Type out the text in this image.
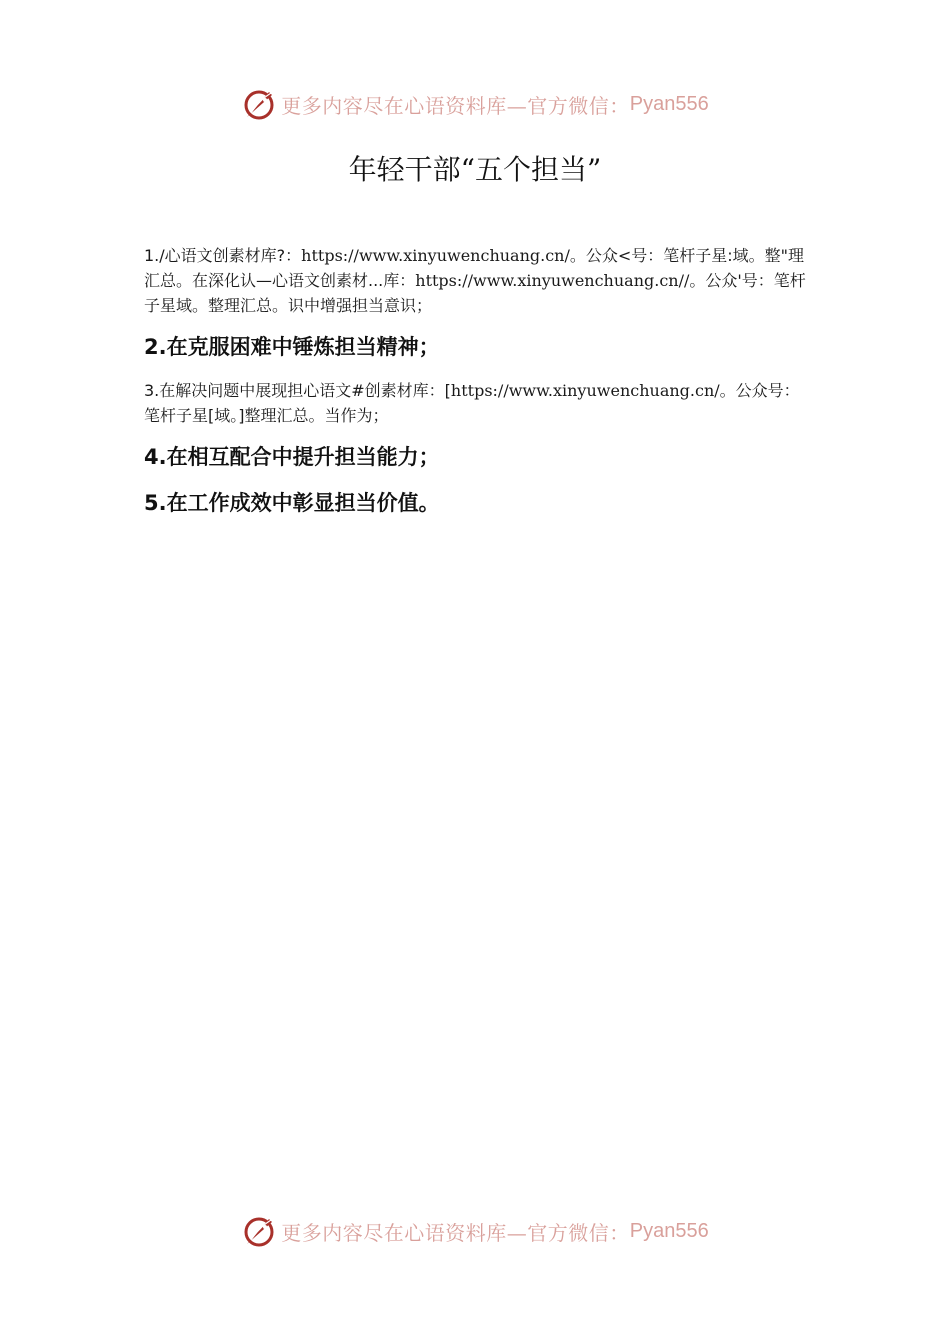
更多内容尽在心语资料库—官方微信： Pyan556
年轻干部“五个担当”

1./心语文创素材库?：https://www.xinyuwenchuang.cn/。公众<号：笔杆子星:域。整"理汇总。在深化认—心语文创素材...库：https://www.xinyuwenchuang.cn//。公众'号：笔杆子星域。整理汇总。识中增强担当意识；

2.在克服困难中锤炼担当精神；

3.在解决问题中展现担心语文#创素材库：[https://www.xinyuwenchuang.cn/。公众号：笔杆子星[域。]整理汇总。当作为；

4.在相互配合中提升担当能力；
5.在工作成效中彰显担当价值。
更多内容尽在心语资料库—官方微信： Pyan556
